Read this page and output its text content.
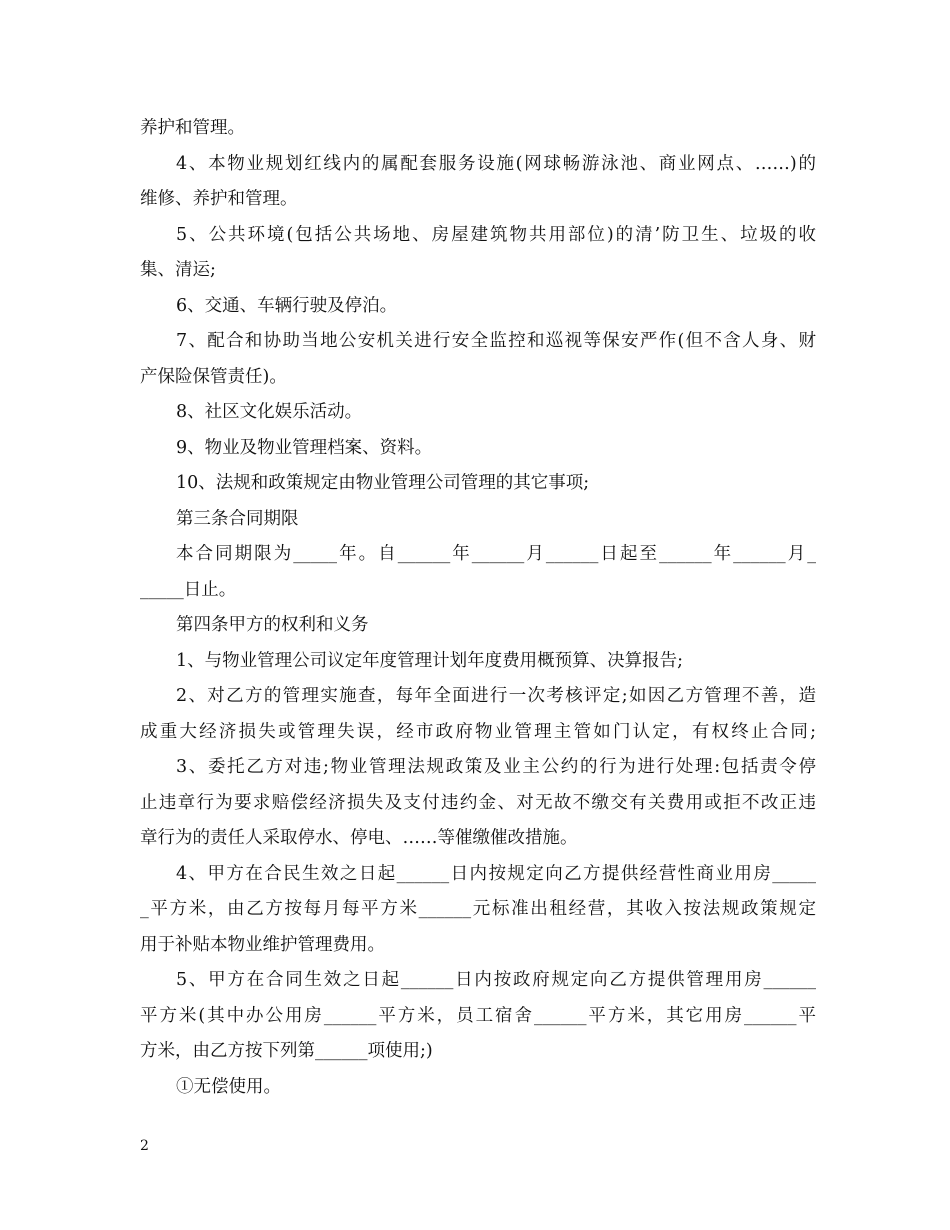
养护和管理。
4、本物业规划红线内的属配套服务设施(网球畅游泳池、商业网点、……)的
维修、养护和管理。
5、公共环境(包括公共场地、房屋建筑物共用部位)的清’防卫生、垃圾的收
集、清运;
6、交通、车辆行驶及停泊。
7、配合和协助当地公安机关进行安全监控和巡视等保安严作(但不含人身、财
产保险保管责任)。
8、社区文化娱乐活动。
9、物业及物业管理档案、资料。
10、法规和政策规定由物业管理公司管理的其它事项;
第三条合同期限
本合同期限为_____年。自______年______月______日起至______年______月_
_____日止。
第四条甲方的权利和义务
1、与物业管理公司议定年度管理计划年度费用概预算、决算报告;
2、对乙方的管理实施查，每年全面进行一次考核评定;如因乙方管理不善，造
成重大经济损失或管理失误，经市政府物业管理主管如门认定，有权终止合同;
3、委托乙方对违;物业管理法规政策及业主公约的行为进行处理:包括责令停
止违章行为要求赔偿经济损失及支付违约金、对无故不缴交有关费用或拒不改正违
章行为的责任人采取停水、停电、……等催缴催改措施。
4、甲方在合民生效之日起______日内按规定向乙方提供经营性商业用房_____
_平方米，由乙方按每月每平方米______元标准出租经营，其收入按法规政策规定
用于补贴本物业维护管理费用。
5、甲方在合同生效之日起______日内按政府规定向乙方提供管理用房______
平方米(其中办公用房______平方米，员工宿舍______平方米，其它用房______平
方米，由乙方按下列第______项使用;)
①无偿使用。
2
